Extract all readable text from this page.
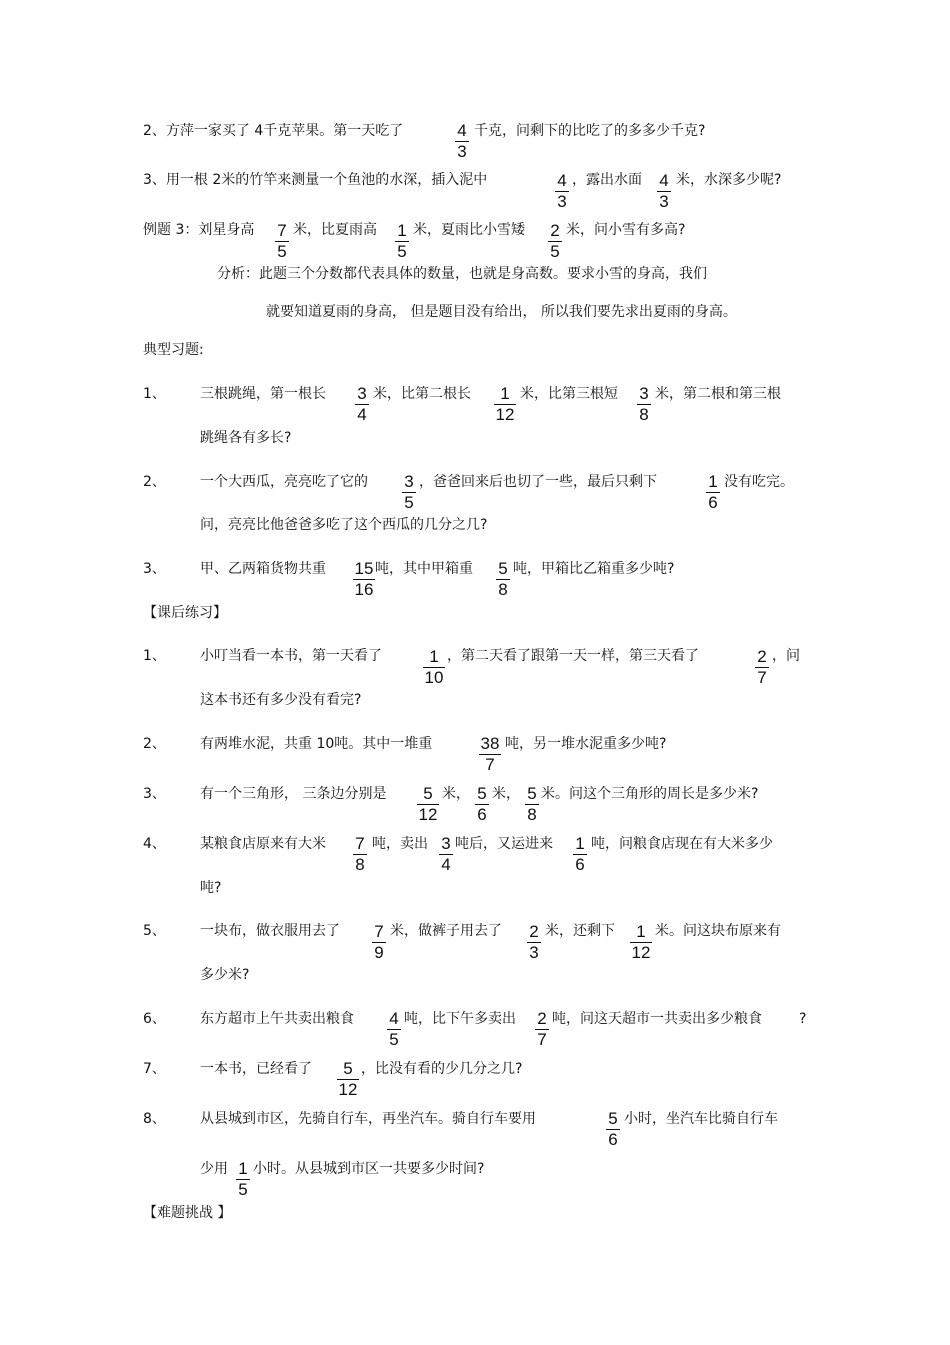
2、方萍一家买了 4千克苹果。第一天吃了	千克，问剩下的比吃了的多多少千克?
3、用一根 2米的竹竿来测量一个鱼池的水深，插入泥中	，露出水面 米，水深多少呢?
例题 3：刘星身高	米，比夏雨高	米，夏雨比小雪矮	米，问小雪有多高?
分析：此题三个分数都代表具体的数量，也就是身高数。要求小雪的身高，我们
就要知道夏雨的身高， 但是题目没有给出， 所以我们要先求出夏雨的身高。
典型习题:
1、 三根跳绳，第一根长	米，比第二根长	米，比第三根短	米，第二根和第三根
跳绳各有多长?
2、 一个大西瓜，亮亮吃了它的	，爸爸回来后也切了一些，最后只剩下	没有吃完。
问，亮亮比他爸爸多吃了这个西瓜的几分之几?
3、 甲、乙两箱货物共重	吨，其中甲箱重	吨，甲箱比乙箱重多少吨?
【课后练习】
1、 小叮当看一本书，第一天看了	，第二天看了跟第一天一样，第三天看了	，问
这本书还有多少没有看完?
2、 有两堆水泥，共重 10吨。其中一堆重	吨，另一堆水泥重多少吨?
3、 有一个三角形， 三条边分别是	米， 米， 米。问这个三角形的周长是多少米?
4、 某粮食店原来有大米	吨，卖出 吨后，又运进来	吨，问粮食店现在有大米多少
吨?
5、 一块布，做衣服用去了	米，做裤子用去了	米，还剩下	米。问这块布原来有
多少米?
6、 东方超市上午共卖出粮食	吨，比下午多卖出	吨，问这天超市一共卖出多少粮食	?
7、 一本书，已经看了	，比没有看的少几分之几?
8、 从县城到市区，先骑自行车，再坐汽车。骑自行车要用	小时，坐汽车比骑自行车
少用 小时。从县城到市区一共要多少时间?
【难题挑战 】
4
3
4
3
4
3
7
5
1
5
2
5
3
4
1
12
3
8
3
5
1
6
15
16
5
8
1
10
2
7
38
7
5
12
5
6
5
8
7
8
3
4
1
6
7
9
2
3
1
12
4
5
2
7
5
12
5
6
1
5
